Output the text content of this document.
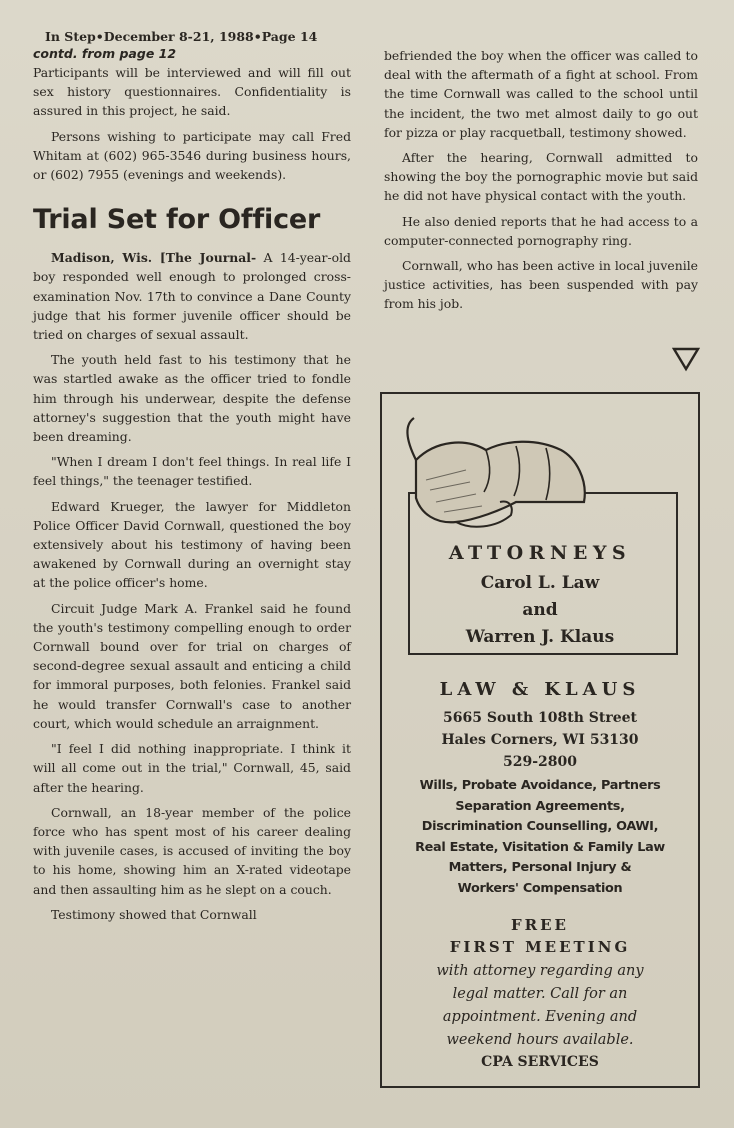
In Step•December 8-21, 1988•Page 14
contd. from page 12

Participants will be interviewed and will fill out sex history questionnaires. Confidentiality is assured in this project, he said.

Persons wishing to participate may call Fred Whitam at (602) 965-3546 during business hours, or (602) 7955 (evenings and weekends).

Trial Set for Officer

Madison, Wis. [The Journal- A 14-year-old boy responded well enough to prolonged cross-examination Nov. 17th to convince a Dane County judge that his former juvenile officer should be tried on charges of sexual assault.

The youth held fast to his testimony that he was startled awake as the officer tried to fondle him through his underwear, despite the defense attorney's suggestion that the youth might have been dreaming.

"When I dream I don't feel things. In real life I feel things," the teenager testified.

Edward Krueger, the lawyer for Middleton Police Officer David Cornwall, questioned the boy extensively about his testimony of having been awakened by Cornwall during an overnight stay at the police officer's home.

Circuit Judge Mark A. Frankel said he found the youth's testimony compelling enough to order Cornwall bound over for trial on charges of second-degree sexual assault and enticing a child for immoral purposes, both felonies. Frankel said he would transfer Cornwall's case to another court, which would schedule an arraignment.

"I feel I did nothing inappropriate. I think it will all come out in the trial," Cornwall, 45, said after the hearing.

Cornwall, an 18-year member of the police force who has spent most of his career dealing with juvenile cases, is accused of inviting the boy to his home, showing him an X-rated videotape and then assaulting him as he slept on a couch.

Testimony showed that Cornwall

befriended the boy when the officer was called to deal with the aftermath of a fight at school. From the time Cornwall was called to the school until the incident, the two met almost daily to go out for pizza or play racquetball, testimony showed.

After the hearing, Cornwall admitted to showing the boy the pornographic movie but said he did not have physical contact with the youth.

He also denied reports that he had access to a computer-connected pornography ring.

Cornwall, who has been active in local juvenile justice activities, has been suspended with pay from his job.

ATTORNEYS
Carol L. Law
and
Warren J. Klaus
LAW & KLAUS
5665 South 108th Street
Hales Corners, WI 53130
529-2800
Wills, Probate Avoidance, Partners
Separation Agreements,
Discrimination Counselling, OAWI,
Real Estate, Visitation & Family Law
Matters, Personal Injury &
Workers' Compensation
FREE
FIRST MEETING
with attorney regarding any
legal matter. Call for an
appointment. Evening and
weekend hours available.
CPA SERVICES
